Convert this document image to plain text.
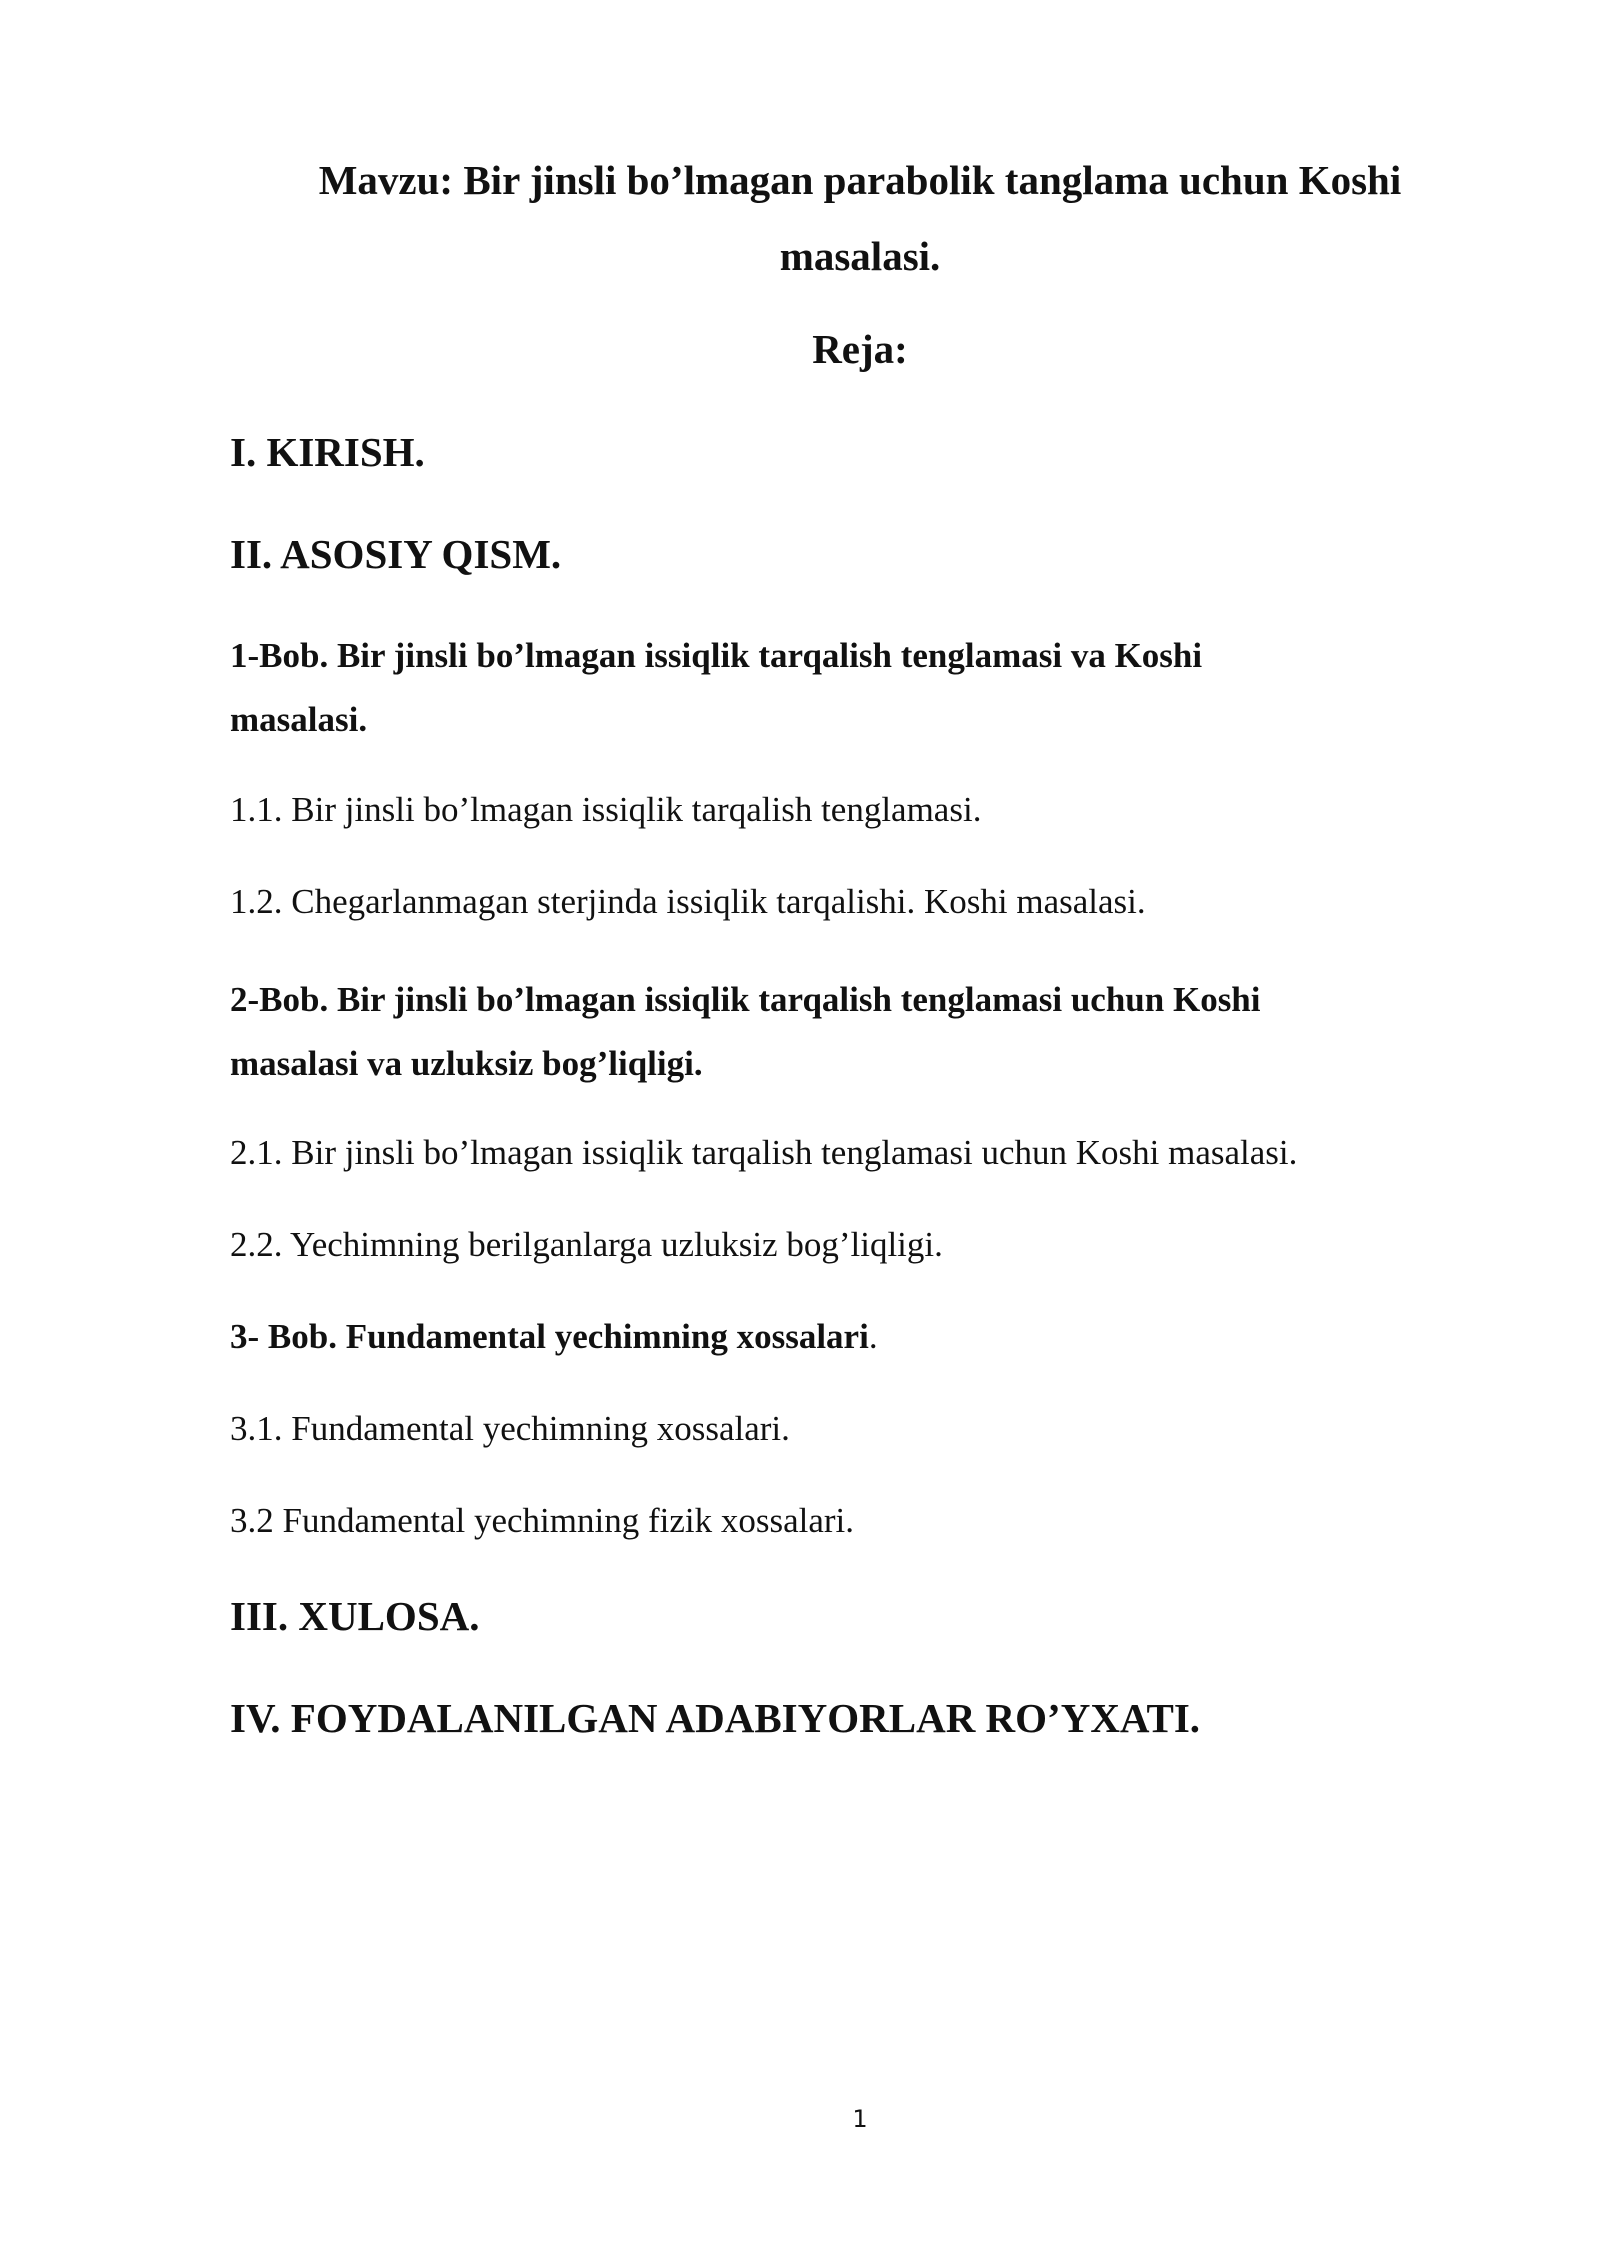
Mavzu: Bir jinsli bo’lmagan parabolik tanglama uchun Koshi
masalasi.
Reja:

I. KIRISH.

II. ASOSIY QISM.

1-Bob. Bir jinsli bo’lmagan issiqlik tarqalish tenglamasi va Koshi
masalasi.

1.1. Bir jinsli bo’lmagan issiqlik tarqalish tenglamasi.

1.2. Chegarlanmagan sterjinda issiqlik tarqalishi. Koshi masalasi.

2-Bob. Bir jinsli bo’lmagan issiqlik tarqalish tenglamasi uchun Koshi
masalasi va uzluksiz bog’liqligi.

2.1. Bir jinsli bo’lmagan issiqlik tarqalish tenglamasi uchun Koshi masalasi.

2.2. Yechimning berilganlarga uzluksiz bog’liqligi.

3- Bob. Fundamental yechimning xossalari.

3.1. Fundamental yechimning xossalari.

3.2 Fundamental yechimning fizik xossalari.

III. XULOSA.

IV. FOYDALANILGAN ADABIYORLAR RO’YXATI.

1
